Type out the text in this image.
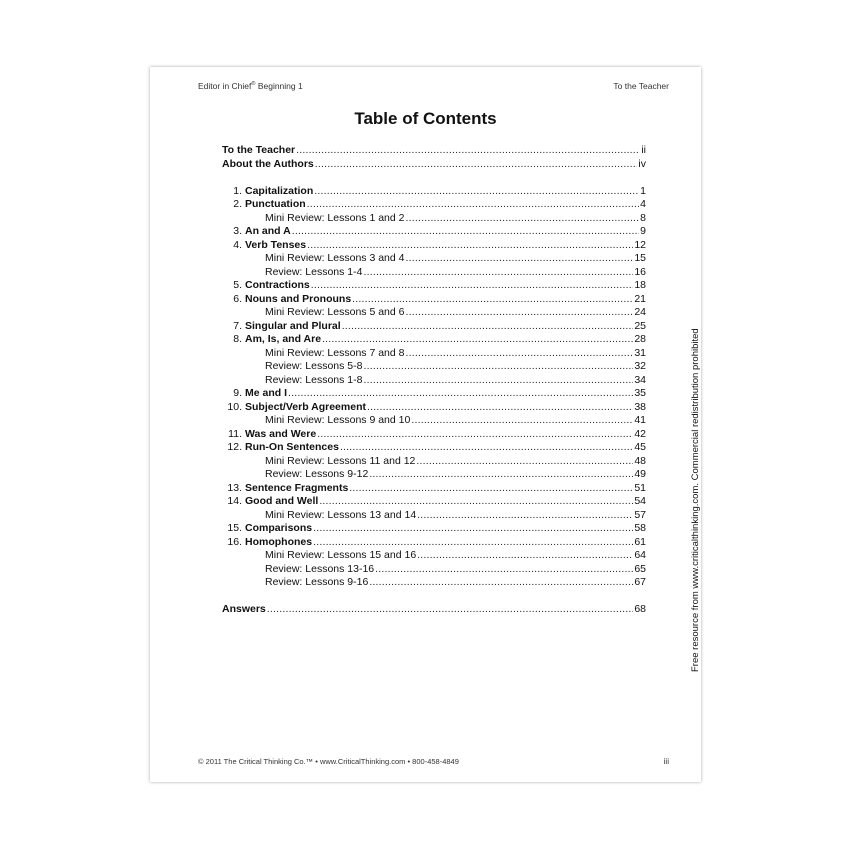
Editor in Chief® Beginning 1	To the Teacher
Table of Contents
To the Teacher .....	ii
About the Authors .....	iv
1. Capitalization .....	1
2. Punctuation .....	4
Mini Review: Lessons 1 and 2 .....	8
3. An and A .....	9
4. Verb Tenses .....	12
Mini Review: Lessons 3 and 4 .....	15
Review: Lessons 1-4 .....	16
5. Contractions .....	18
6. Nouns and Pronouns .....	21
Mini Review: Lessons 5 and 6 .....	24
7. Singular and Plural .....	25
8. Am, Is, and Are .....	28
Mini Review: Lessons 7 and 8 .....	31
Review: Lessons 5-8 .....	32
Review: Lessons 1-8 .....	34
9. Me and I .....	35
10. Subject/Verb Agreement .....	38
Mini Review: Lessons 9 and 10 .....	41
11. Was and Were .....	42
12. Run-On Sentences .....	45
Mini Review: Lessons 11 and 12 .....	48
Review: Lessons 9-12 .....	49
13. Sentence Fragments .....	51
14. Good and Well .....	54
Mini Review: Lessons 13 and 14 .....	57
15. Comparisons .....	58
16. Homophones .....	61
Mini Review: Lessons 15 and 16 .....	64
Review: Lessons 13-16 .....	65
Review: Lessons 9-16 .....	67
Answers .....	68
© 2011 The Critical Thinking Co.™ • www.CriticalThinking.com • 800-458-4849	iii
Free resource from www.criticalthinking.com. Commercial redistribution prohibited
